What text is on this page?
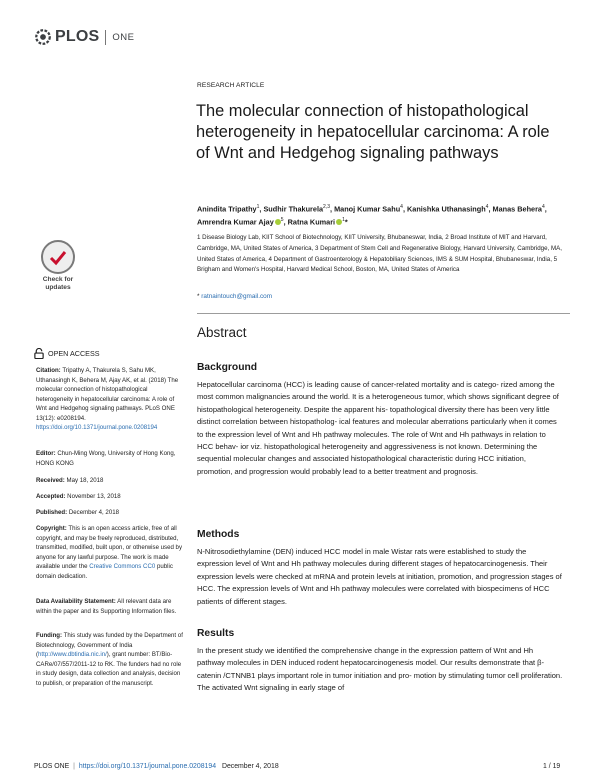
PLOS ONE
RESEARCH ARTICLE
The molecular connection of histopathological heterogeneity in hepatocellular carcinoma: A role of Wnt and Hedgehog signaling pathways
Anindita Tripathy$^1$, Sudhir Thakurela$^{2,3}$, Manoj Kumar Sahu$^4$, Kanishka Uthanasingh$^4$, Manas Behera$^4$, Amrendra Kumar Ajay $^5$, Ratna Kumari $^1$*
1 Disease Biology Lab, KIIT School of Biotechnology, KIIT University, Bhubaneswar, India, 2 Broad Institute of MIT and Harvard, Cambridge, MA, United States of America, 3 Department of Stem Cell and Regenerative Biology, Harvard University, Cambridge, MA, United States of America, 4 Department of Gastroenterology & Hepatobiliary Sciences, IMS & SUM Hospital, Bhubaneswar, India, 5 Brigham and Women's Hospital, Harvard Medical School, Boston, MA, United States of America
* ratnaintouch@gmail.com
Abstract
Background
Hepatocellular carcinoma (HCC) is leading cause of cancer-related mortality and is catego- rized among the most common malignancies around the world. It is a heterogeneous tumor, which shows significant degree of histopathological heterogeneity. Despite the apparent his- topathological diversity there has been very little distinct correlation between histopatholog- ical features and molecular aberrations particularly when it comes to the expression level of Wnt and Hh pathway molecules. The role of Wnt and Hh pathways in relation to HCC behav- ior viz. histopathological heterogeneity and aggressiveness is not known. Determining the sequential molecular changes and associated histopathological characteristic during HCC initiation, promotion, and progression would probably lead to a better treatment and prognosis.
Methods
N-Nitrosodiethylamine (DEN) induced HCC model in male Wistar rats were established to study the expression level of Wnt and Hh pathway molecules during different stages of hepatocarcinogenesis. Their expression levels were checked at mRNA and protein levels at initiation, promotion, and progression stages of HCC. The expression levels of Wnt and Hh pathway molecules were correlated with biospecimens of HCC patients of different stages.
Results
In the present study we identified the comprehensive change in the expression pattern of Wnt and Hh pathway molecules in DEN induced rodent hepatocarcinogenesis model. Our results demonstrate that β-catenin /CTNNB1 plays important role in tumor initiation and pro- motion by stimulating tumor cell proliferation. The activated Wnt signaling in early stage of
Check for
updates
OPEN ACCESS
Citation: Tripathy A, Thakurela S, Sahu MK, Uthanasingh K, Behera M, Ajay AK, et al. (2018) The molecular connection of histopathological heterogeneity in hepatocellular carcinoma: A role of Wnt and Hedgehog signaling pathways. PLoS ONE 13(12): e0208194. https://doi.org/10.1371/journal.pone.0208194
Editor: Chun-Ming Wong, University of Hong Kong, HONG KONG
Received: May 18, 2018
Accepted: November 13, 2018
Published: December 4, 2018
Copyright: This is an open access article, free of all copyright, and may be freely reproduced, distributed, transmitted, modified, built upon, or otherwise used by anyone for any lawful purpose. The work is made available under the Creative Commons CC0 public domain dedication.
Data Availability Statement: All relevant data are within the paper and its Supporting Information files.
Funding: This study was funded by the Department of Biotechnology, Government of India (http://www.dbtindia.nic.in/), grant number: BT/Bio-CARe/07/557/2011-12 to RK. The funders had no role in study design, data collection and analysis, decision to publish, or preparation of the manuscript.
PLOS ONE | https://doi.org/10.1371/journal.pone.0208194 December 4, 2018	1 / 19
